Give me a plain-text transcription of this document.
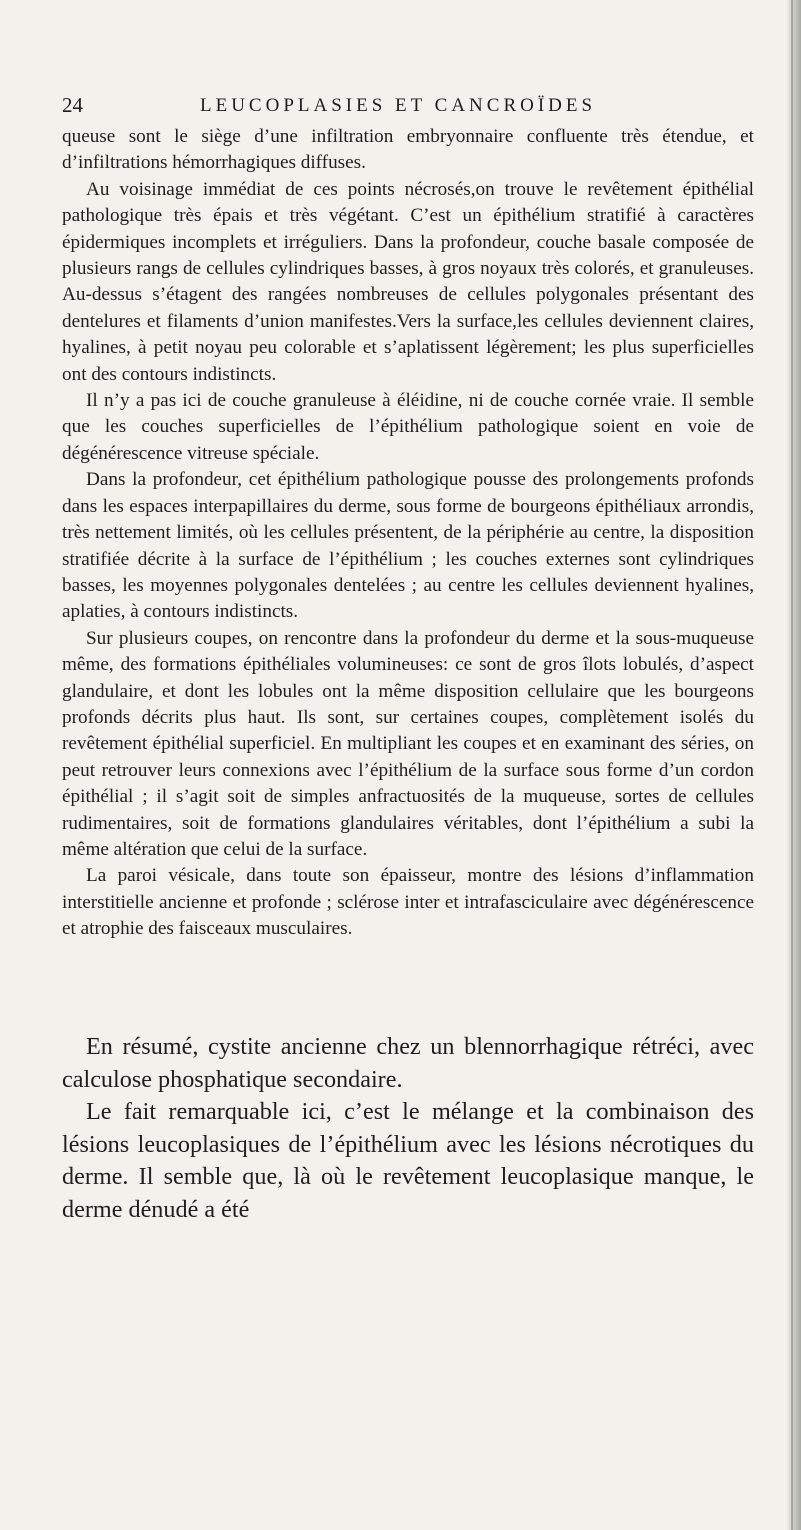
24	LEUCOPLASIES ET CANCROÏDES

queuse sont le siège d’une infiltration embryonnaire confluente très étendue, et d’infiltrations hémorrhagiques diffuses.

Au voisinage immédiat de ces points nécrosés,on trouve le revêtement épithélial pathologique très épais et très végétant. C’est un épithélium stratifié à caractères épidermiques incomplets et irréguliers. Dans la profondeur, couche basale composée de plusieurs rangs de cellules cylindriques basses, à gros noyaux très colorés, et granuleuses. Au-dessus s’étagent des rangées nombreuses de cellules polygonales présentant des dentelures et filaments d’union manifestes.Vers la surface,les cellules deviennent claires, hyalines, à petit noyau peu colorable et s’aplatissent légèrement; les plus superficielles ont des contours indistincts.

Il n’y a pas ici de couche granuleuse à éléidine, ni de couche cornée vraie. Il semble que les couches superficielles de l’épithélium pathologique soient en voie de dégénérescence vitreuse spéciale.

Dans la profondeur, cet épithélium pathologique pousse des prolongements profonds dans les espaces interpapillaires du derme, sous forme de bourgeons épithéliaux arrondis, très nettement limités, où les cellules présentent, de la périphérie au centre, la disposition stratifiée décrite à la surface de l’épithélium ; les couches externes sont cylindriques basses, les moyennes polygonales dentelées ; au centre les cellules deviennent hyalines, aplaties, à contours indistincts.

Sur plusieurs coupes, on rencontre dans la profondeur du derme et la sous-muqueuse même, des formations épithéliales volumineuses: ce sont de gros îlots lobulés, d’aspect glandulaire, et dont les lobules ont la même disposition cellulaire que les bourgeons profonds décrits plus haut. Ils sont, sur certaines coupes, complètement isolés du revêtement épithélial superficiel. En multipliant les coupes et en examinant des séries, on peut retrouver leurs connexions avec l’épithélium de la surface sous forme d’un cordon épithélial ; il s’agit soit de simples anfractuosités de la muqueuse, sortes de cellules rudimentaires, soit de formations glandulaires véritables, dont l’épithélium a subi la même altération que celui de la surface.

La paroi vésicale, dans toute son épaisseur, montre des lésions d’inflammation interstitielle ancienne et profonde ; sclérose inter et intrafasciculaire avec dégénérescence et atrophie des faisceaux musculaires.

En résumé, cystite ancienne chez un blennorrhagique rétréci, avec calculose phosphatique secondaire.

Le fait remarquable ici, c’est le mélange et la combinaison des lésions leucoplasiques de l’épithélium avec les lésions nécrotiques du derme. Il semble que, là où le revêtement leucoplasique manque, le derme dénudé a été
